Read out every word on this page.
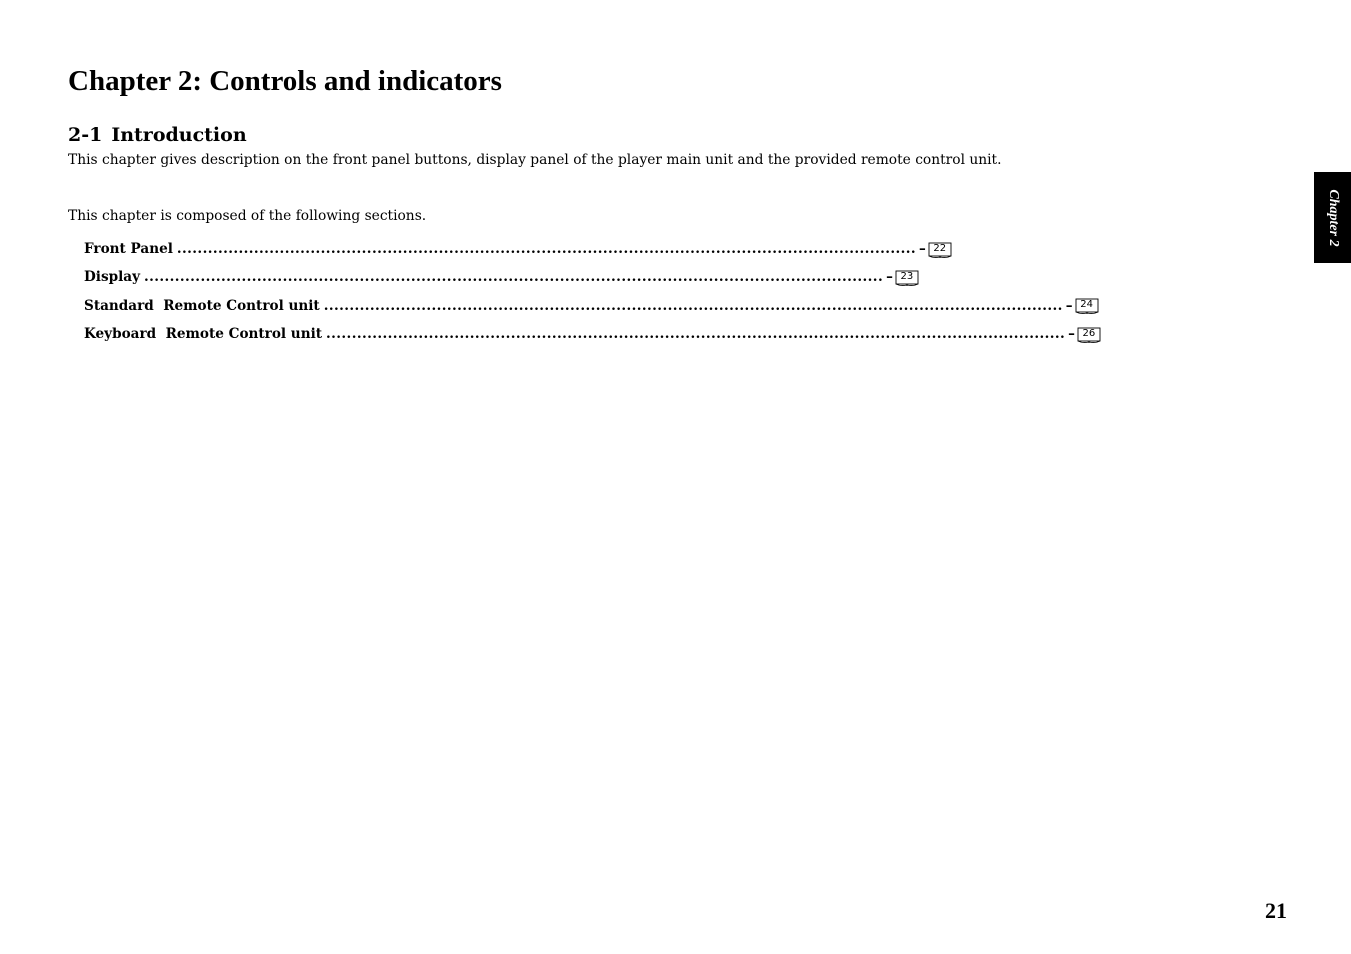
Chapter 2: Controls and indicators
2-1 Introduction

This chapter gives description on the front panel buttons, display panel of the player main unit and the provided remote control unit.

This chapter is composed of the following sections.

Front Panel ................................................................................................................................................ – 22
Display ................................................................................................................................................ – 23
Standard  Remote Control unit ................................................................................................................................................ – 24
Keyboard  Remote Control unit ................................................................................................................................................ – 26
Chapter 2
21
